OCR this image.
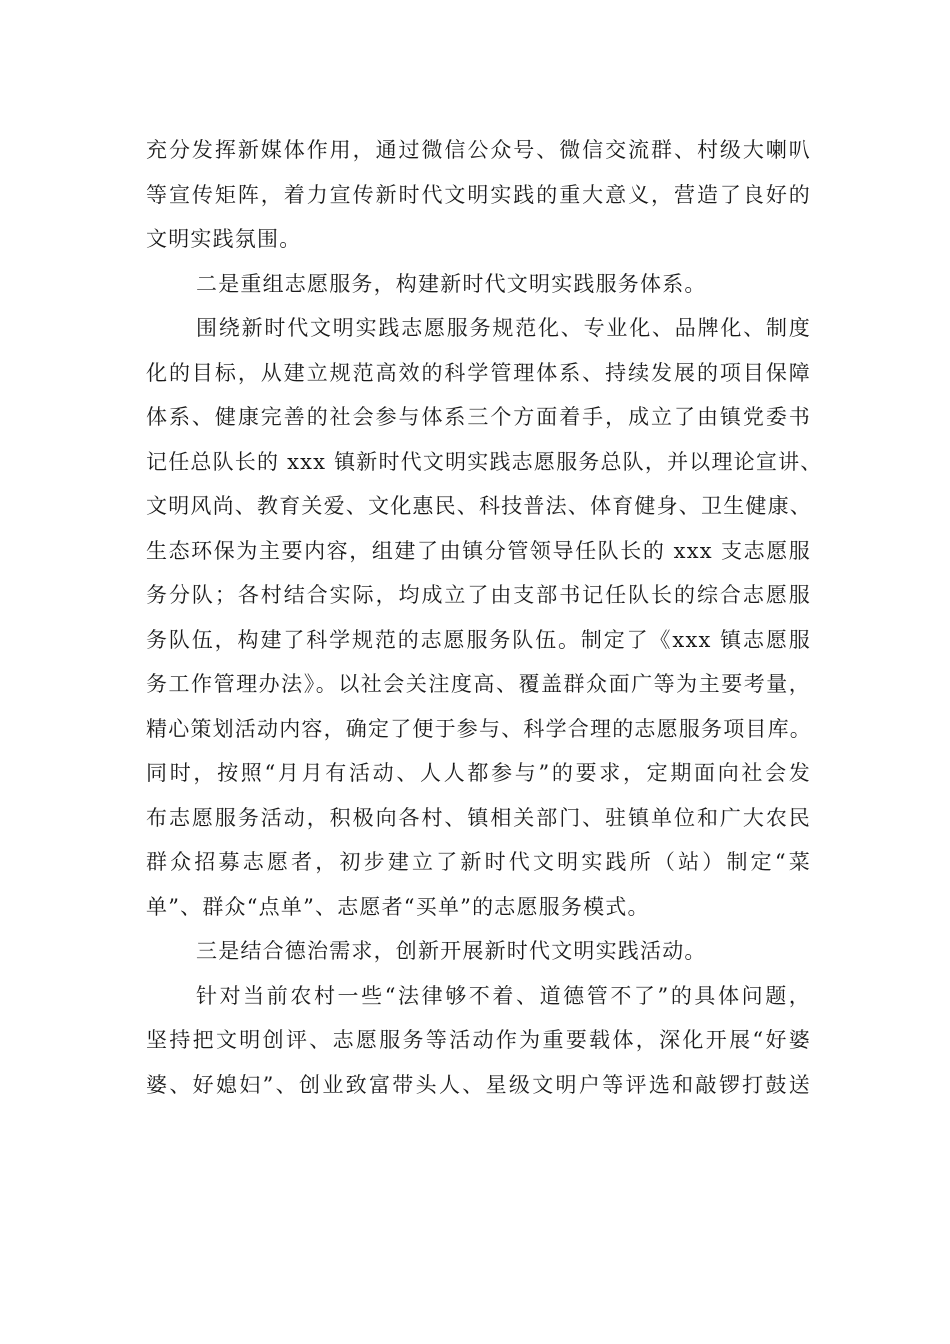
充分发挥新媒体作用，通过微信公众号、微信交流群、村级大喇叭
等宣传矩阵，着力宣传新时代文明实践的重大意义，营造了良好的
文明实践氛围。
二是重组志愿服务，构建新时代文明实践服务体系。
围绕新时代文明实践志愿服务规范化、专业化、品牌化、制度
化的目标，从建立规范高效的科学管理体系、持续发展的项目保障
体系、健康完善的社会参与体系三个方面着手，成立了由镇党委书
记任总队长的 xxx 镇新时代文明实践志愿服务总队，并以理论宣讲、
文明风尚、教育关爱、文化惠民、科技普法、体育健身、卫生健康、
生态环保为主要内容，组建了由镇分管领导任队长的 xxx 支志愿服
务分队；各村结合实际，均成立了由支部书记任队长的综合志愿服
务队伍，构建了科学规范的志愿服务队伍。制定了《xxx 镇志愿服
务工作管理办法》。以社会关注度高、覆盖群众面广等为主要考量，
精心策划活动内容，确定了便于参与、科学合理的志愿服务项目库。
同时，按照“月月有活动、人人都参与”的要求，定期面向社会发
布志愿服务活动，积极向各村、镇相关部门、驻镇单位和广大农民
群众招募志愿者，初步建立了新时代文明实践所（站）制定“菜
单”、群众“点单”、志愿者“买单”的志愿服务模式。
三是结合德治需求，创新开展新时代文明实践活动。
针对当前农村一些“法律够不着、道德管不了”的具体问题，
坚持把文明创评、志愿服务等活动作为重要载体，深化开展“好婆
婆、好媳妇”、创业致富带头人、星级文明户等评选和敲锣打鼓送
